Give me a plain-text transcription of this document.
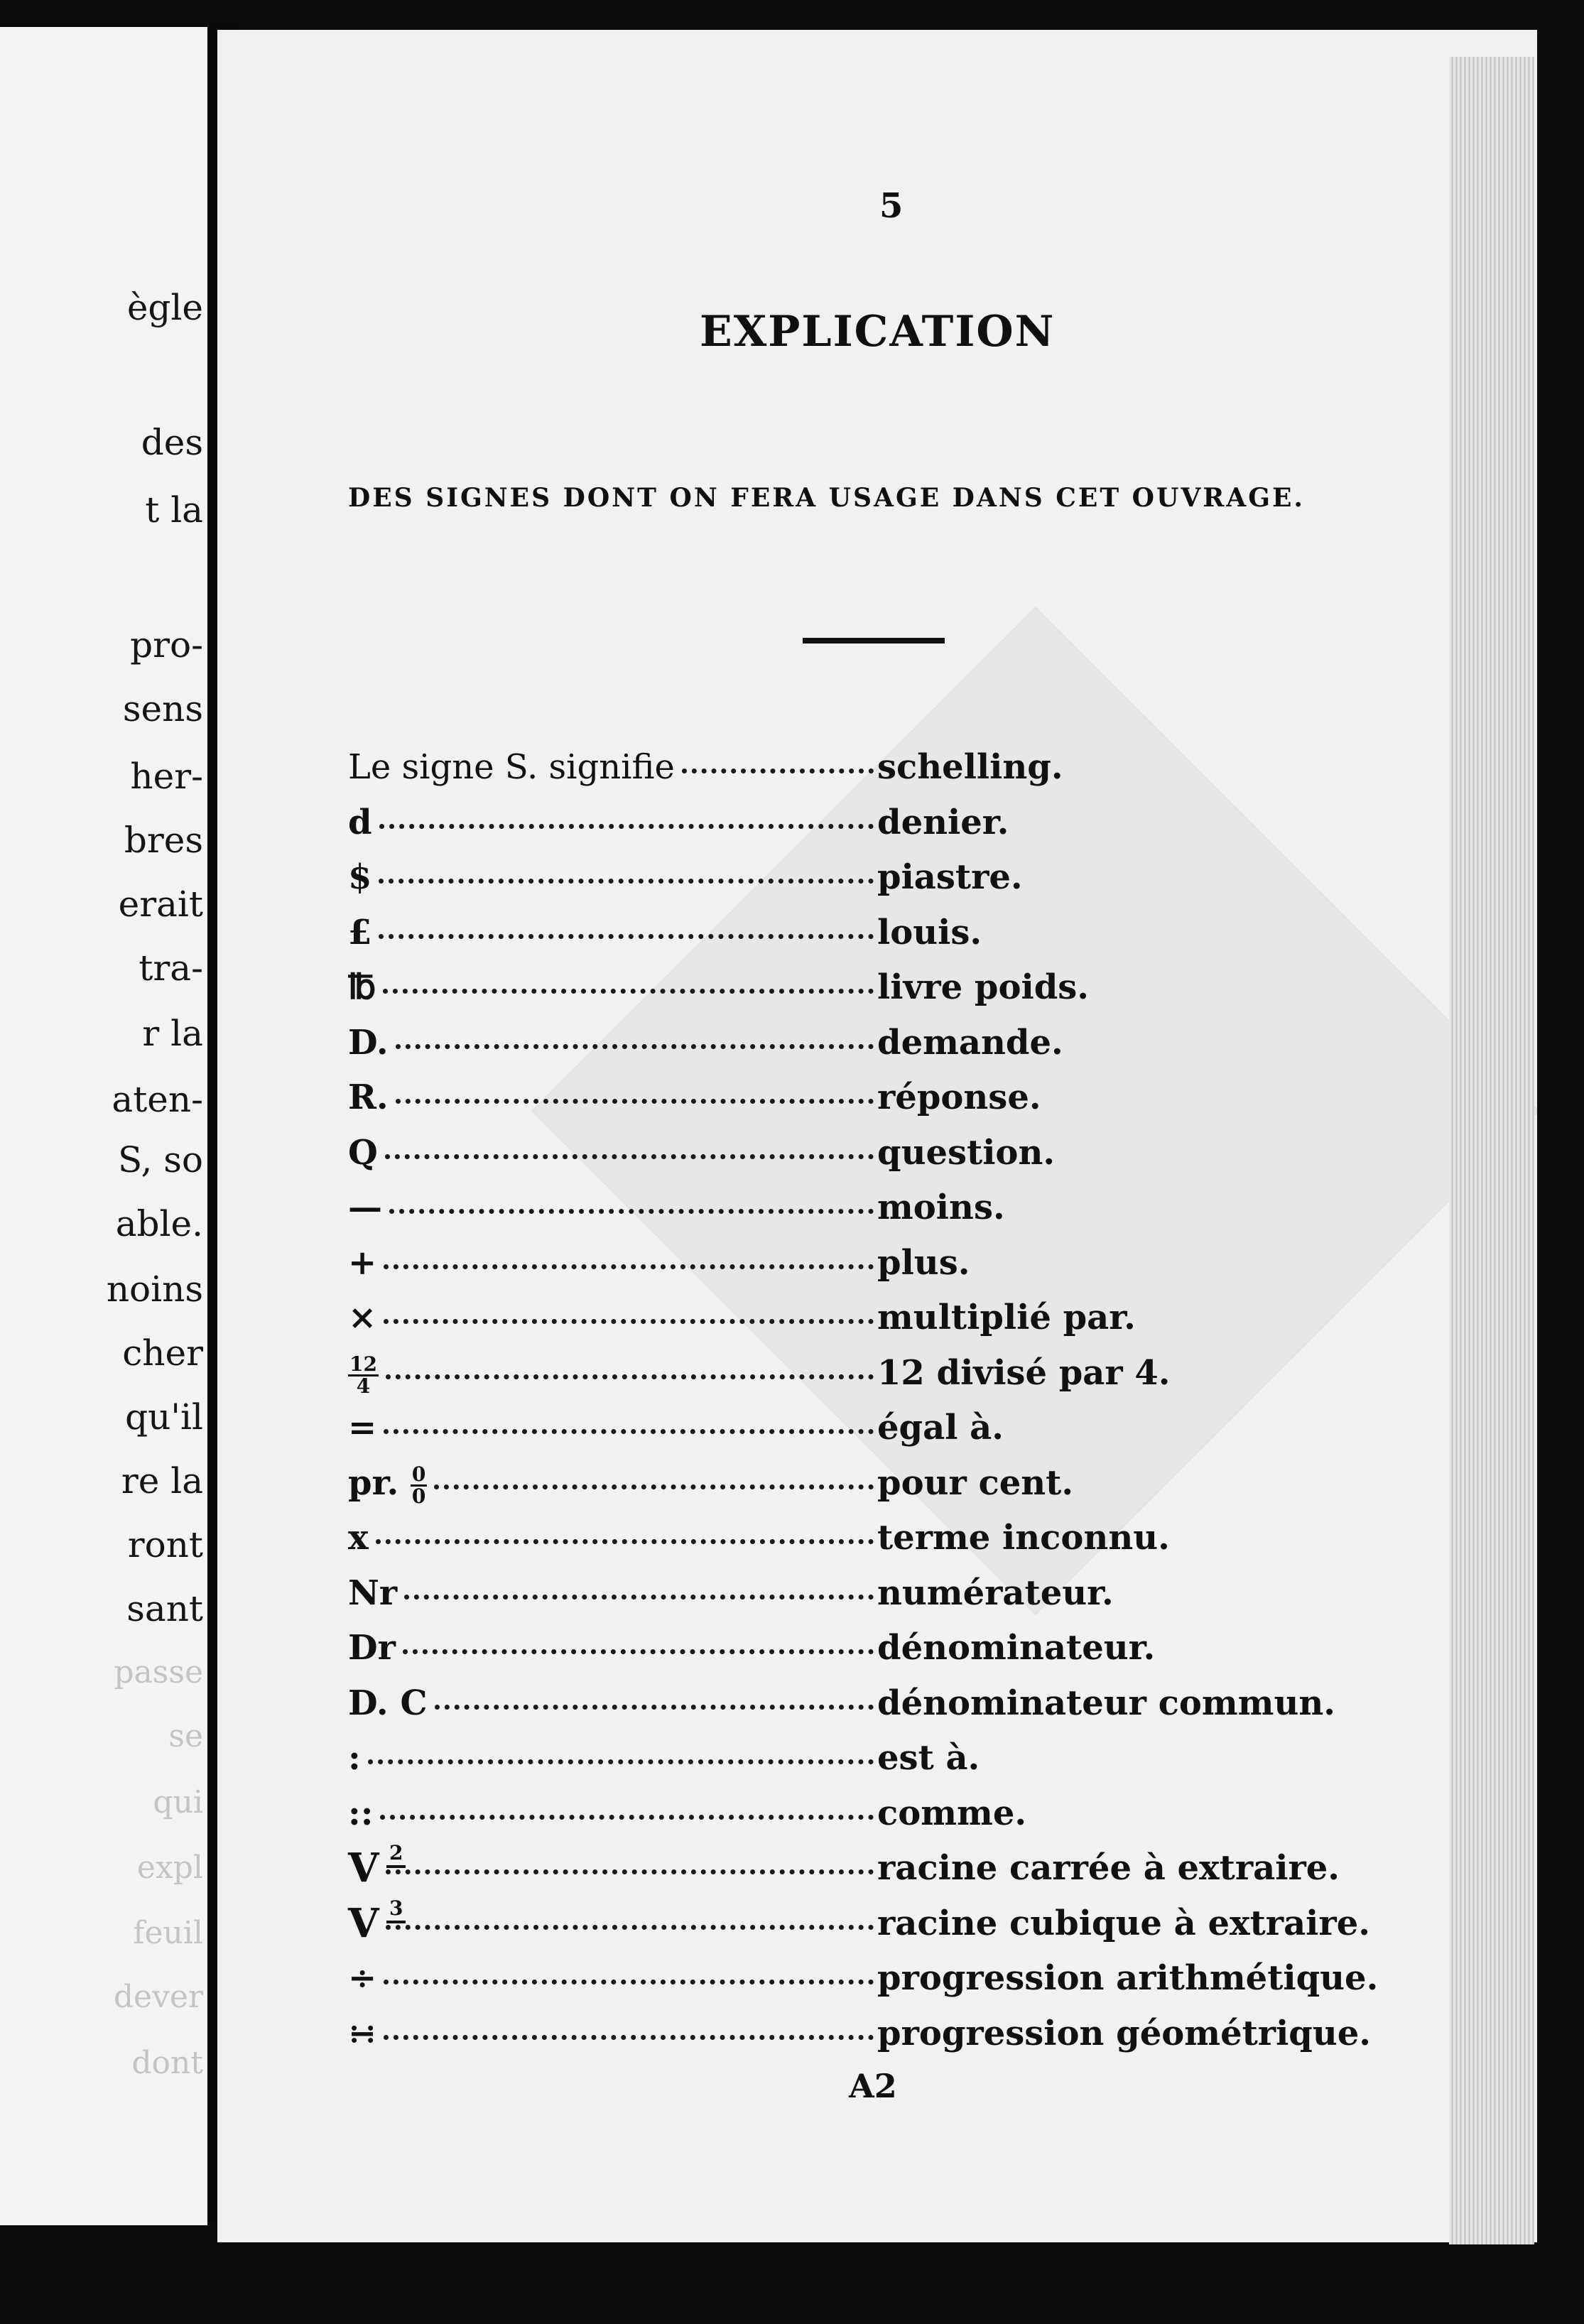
ègle
des
t la
pro-
sens
her-
bres
erait
tra-
r la
aten-
S, so
able.
noins
cher
qu'il
re la
ront
sant
passe
se
qui
expl
feuil
dever
dont
5
EXPLICATION
DES SIGNES DONT ON FERA USAGE DANS CET OUVRAGE.
Le signe S. signifie	schelling.
d	denier.
$	piastre.
£	louis.
℔	livre poids.
D.	demande.
R.	réponse.
Q	question.
—	moins.
+	plus.
×	multiplié par.
$\frac{12}{4}$	12 divisé par 4.
=	égal à.
pr. $\frac{0}{0}$	pour cent.
x	terme inconnu.
Nr	numérateur.
Dr	dénominateur.
D. C	dénominateur commun.
:	est à.
::	comme.
V 2	racine carrée à extraire.
V 3	racine cubique à extraire.
÷	progression arithmétique.
∺	progression géométrique.
A2
